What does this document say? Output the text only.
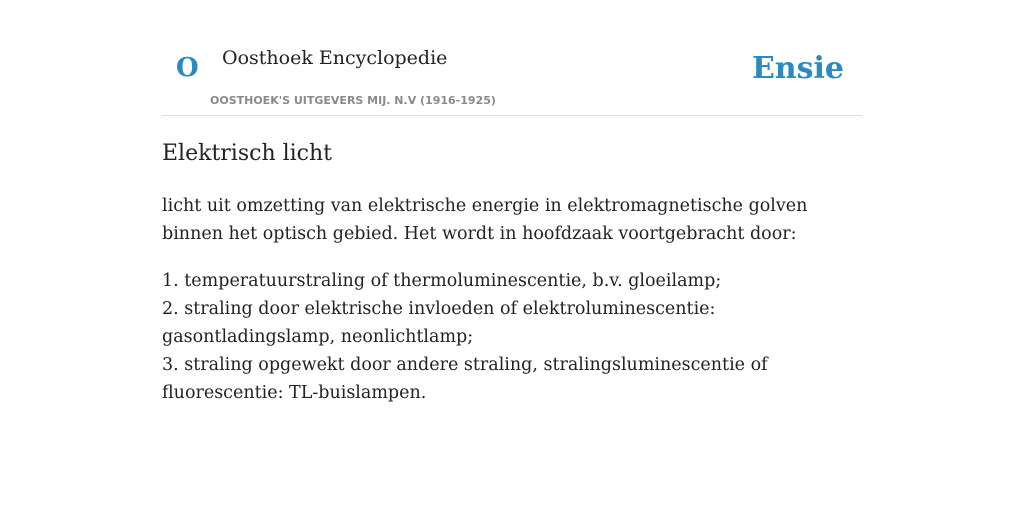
O Oosthoek Encyclopedie
OOSTHOEK'S UITGEVERS MIJ. N.V (1916-1925)
Ensie
Elektrisch licht

licht uit omzetting van elektrische energie in elektromagnetische golven binnen het optisch gebied. Het wordt in hoofdzaak voortgebracht door:

1. temperatuurstraling of thermoluminescentie, b.v. gloeilamp;

2. straling door elektrische invloeden of elektroluminescentie: gasontladingslamp, neonlichtlamp;

3. straling opgewekt door andere straling, stralingsluminescentie of fluorescentie: TL-buislampen.
